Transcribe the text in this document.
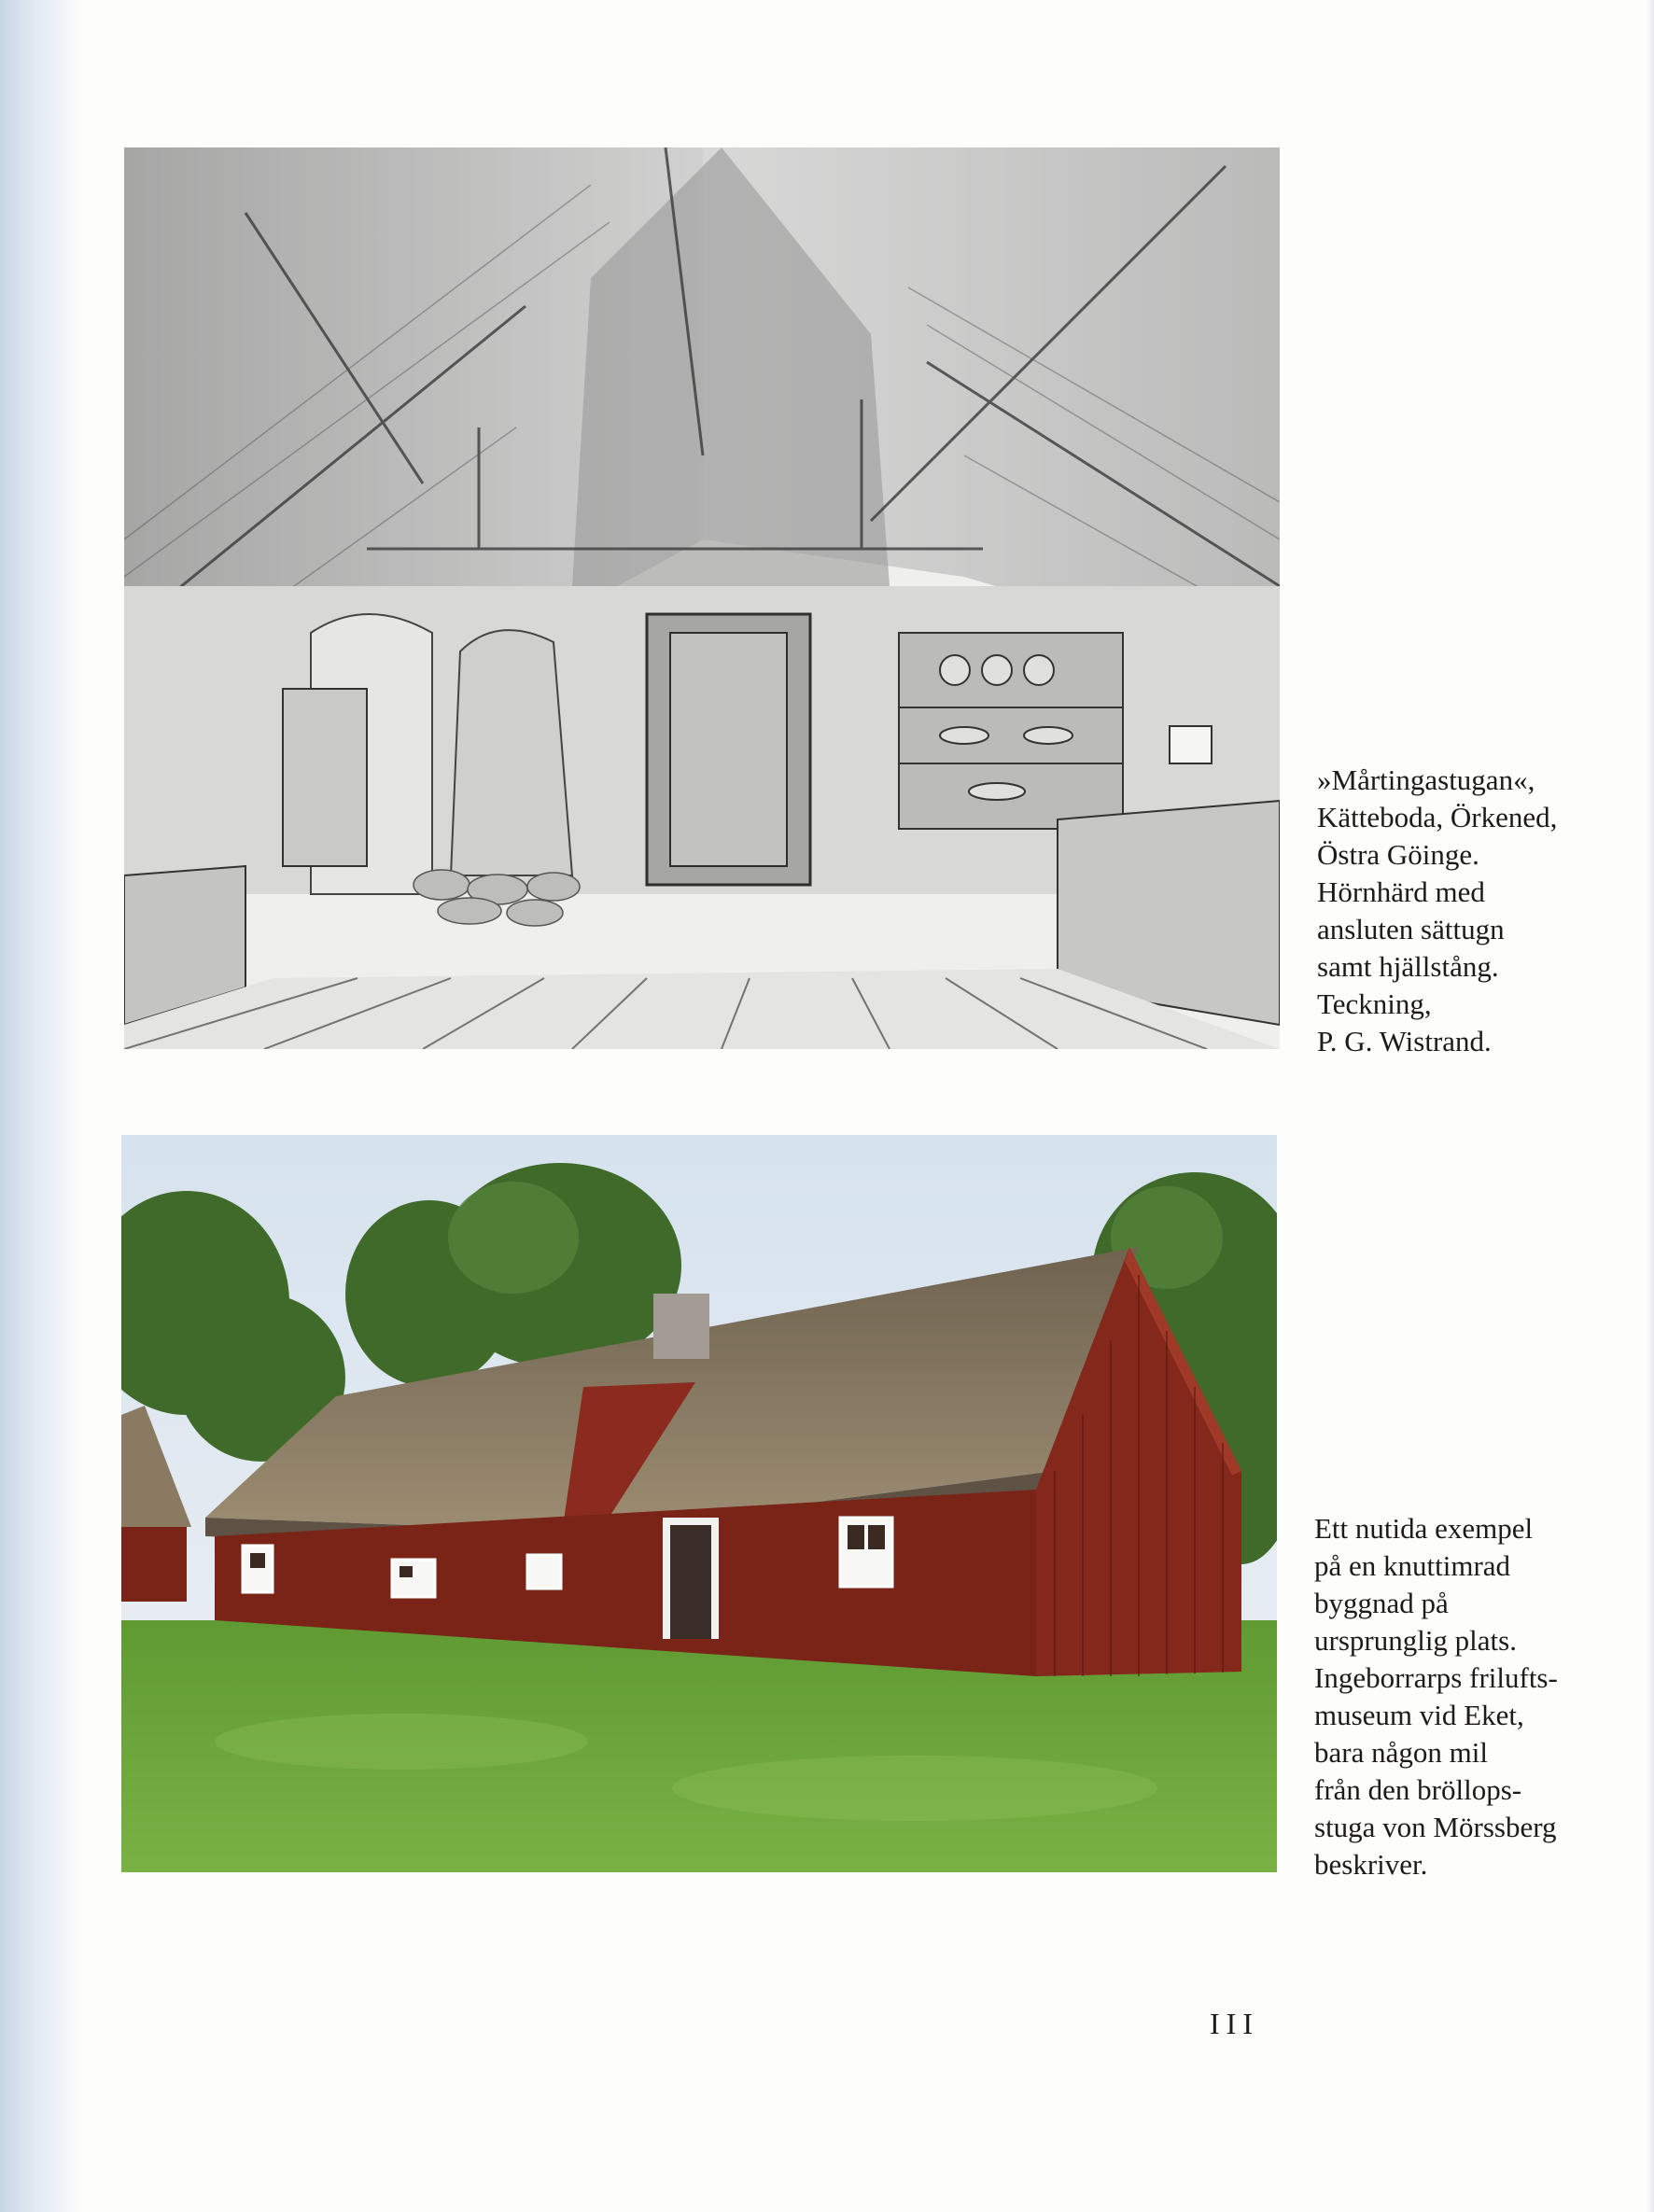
»Mårtingastugan«,
Kätteboda, Örkened,
Östra Göinge.
Hörnhärd med
ansluten sättugn
samt hjällstång.
Teckning,
P. G. Wistrand.
Ett nutida exempel
på en knuttimrad
byggnad på
ursprunglig plats.
Ingeborrarps frilufts-
museum vid Eket,
bara någon mil
från den bröllops-
stuga von Mörssberg
beskriver.
III
